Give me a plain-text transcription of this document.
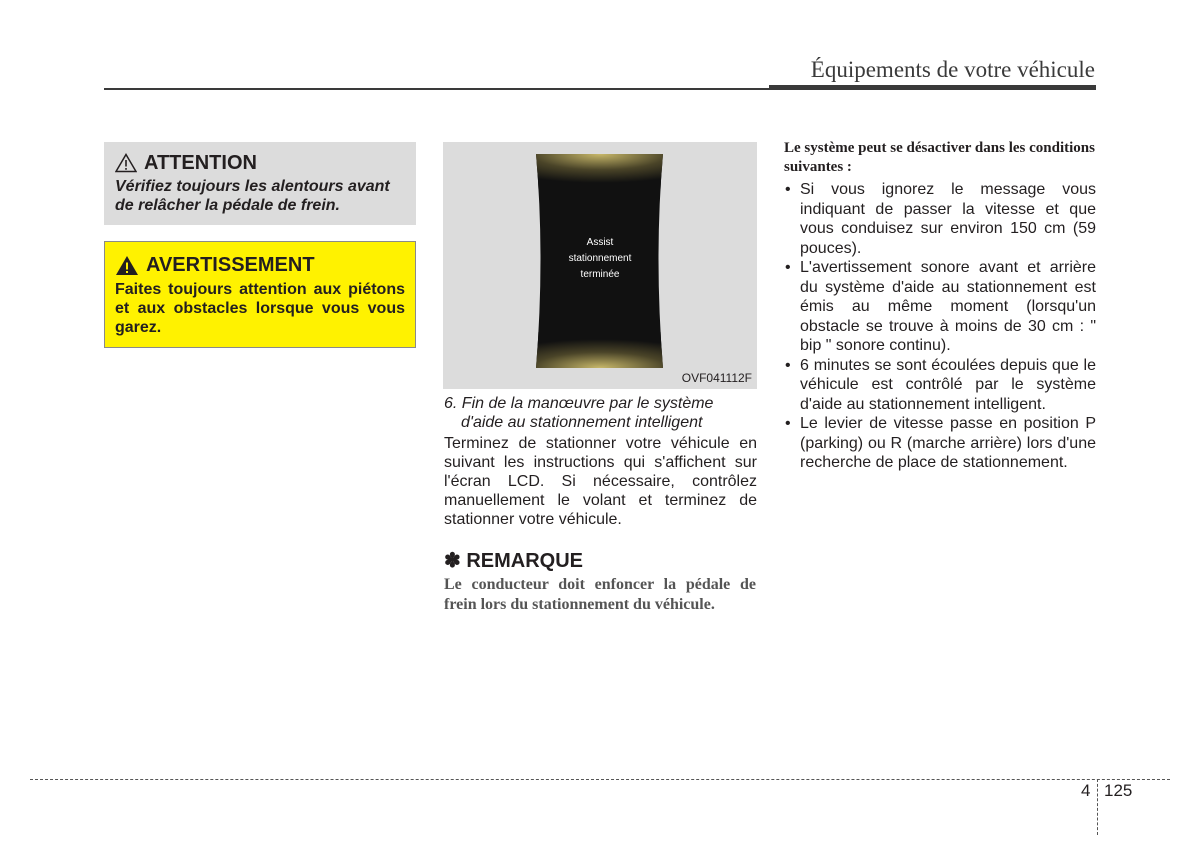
Équipements de votre véhicule
ATTENTION
Vérifiez toujours les alentours avant de relâcher la pédale de frein.
AVERTISSEMENT
Faites toujours attention aux piétons et aux obstacles lorsque vous vous garez.
Assist
stationnement
terminée
OVF041112F
6. Fin de la manœuvre par le système
d'aide au stationnement intelligent
Terminez de stationner votre véhicule en suivant les instructions qui s'affichent sur l'écran LCD. Si nécessaire, contrôlez manuellement le volant et terminez de stationner votre véhicule.
✽ REMARQUE
Le conducteur doit enfoncer la pédale de frein lors du stationnement du véhicule.
Le système peut se désactiver dans les conditions suivantes :
• Si vous ignorez le message vous indiquant de passer la vitesse et que vous conduisez sur environ 150 cm (59 pouces).
• L'avertissement sonore avant et arrière du système d'aide au stationnement est émis au même moment (lorsqu'un obstacle se trouve à moins de 30 cm : " bip " sonore continu).
• 6 minutes se sont écoulées depuis que le véhicule est contrôlé par le système d'aide au stationnement intelligent.
• Le levier de vitesse passe en position P (parking) ou R (marche arrière) lors d'une recherche de place de stationnement.
4 125
